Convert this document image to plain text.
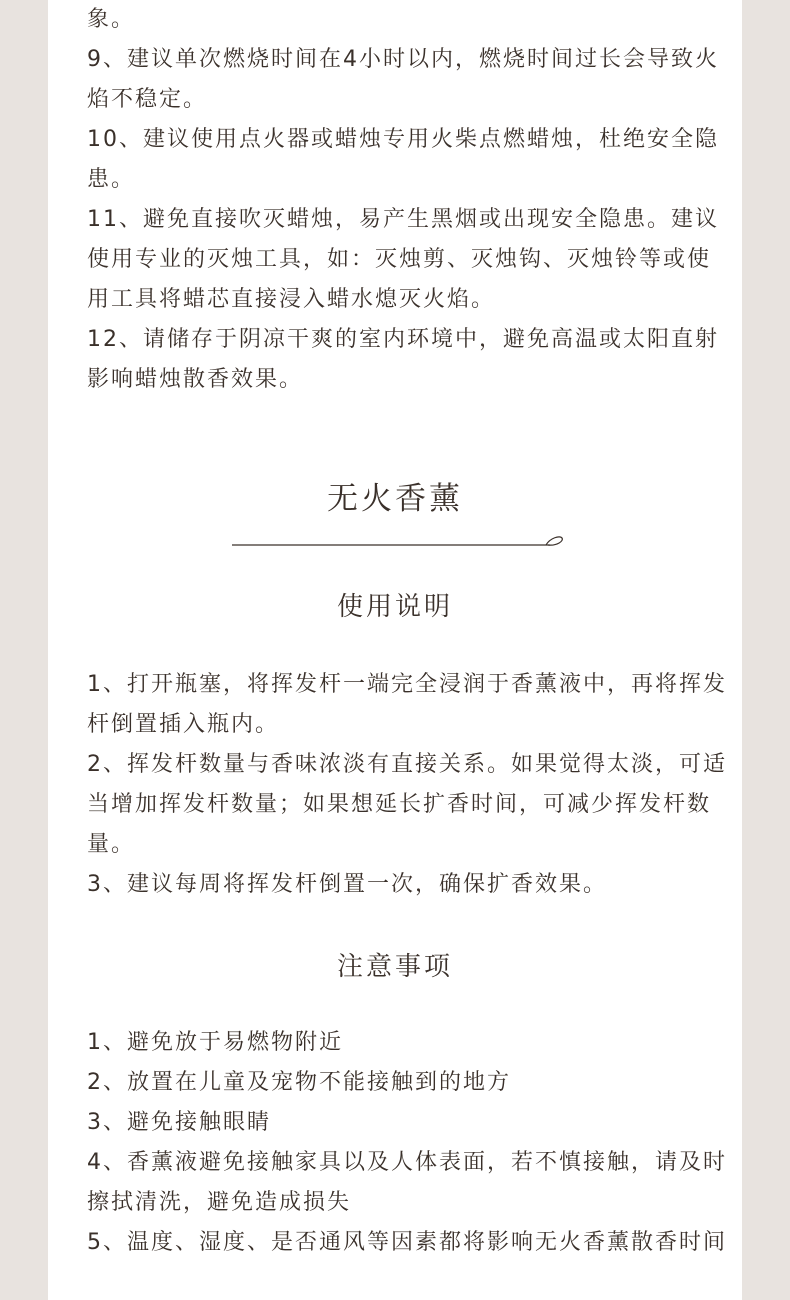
象。

9、建议单次燃烧时间在4小时以内，燃烧时间过长会导致火焰不稳定。

10、建议使用点火器或蜡烛专用火柴点燃蜡烛，杜绝安全隐患。

11、避免直接吹灭蜡烛，易产生黑烟或出现安全隐患。建议使用专业的灭烛工具，如：灭烛剪、灭烛钩、灭烛铃等或使用工具将蜡芯直接浸入蜡水熄灭火焰。

12、请储存于阴凉干爽的室内环境中，避免高温或太阳直射影响蜡烛散香效果。

无火香薰
使用说明

1、打开瓶塞，将挥发杆一端完全浸润于香薰液中，再将挥发杆倒置插入瓶内。

2、挥发杆数量与香味浓淡有直接关系。如果觉得太淡，可适当增加挥发杆数量；如果想延长扩香时间，可减少挥发杆数量。

3、建议每周将挥发杆倒置一次，确保扩香效果。

注意事项

1、避免放于易燃物附近

2、放置在儿童及宠物不能接触到的地方

3、避免接触眼睛

4、香薰液避免接触家具以及人体表面，若不慎接触，请及时擦拭清洗，避免造成损失

5、温度、湿度、是否通风等因素都将影响无火香薰散香时间
